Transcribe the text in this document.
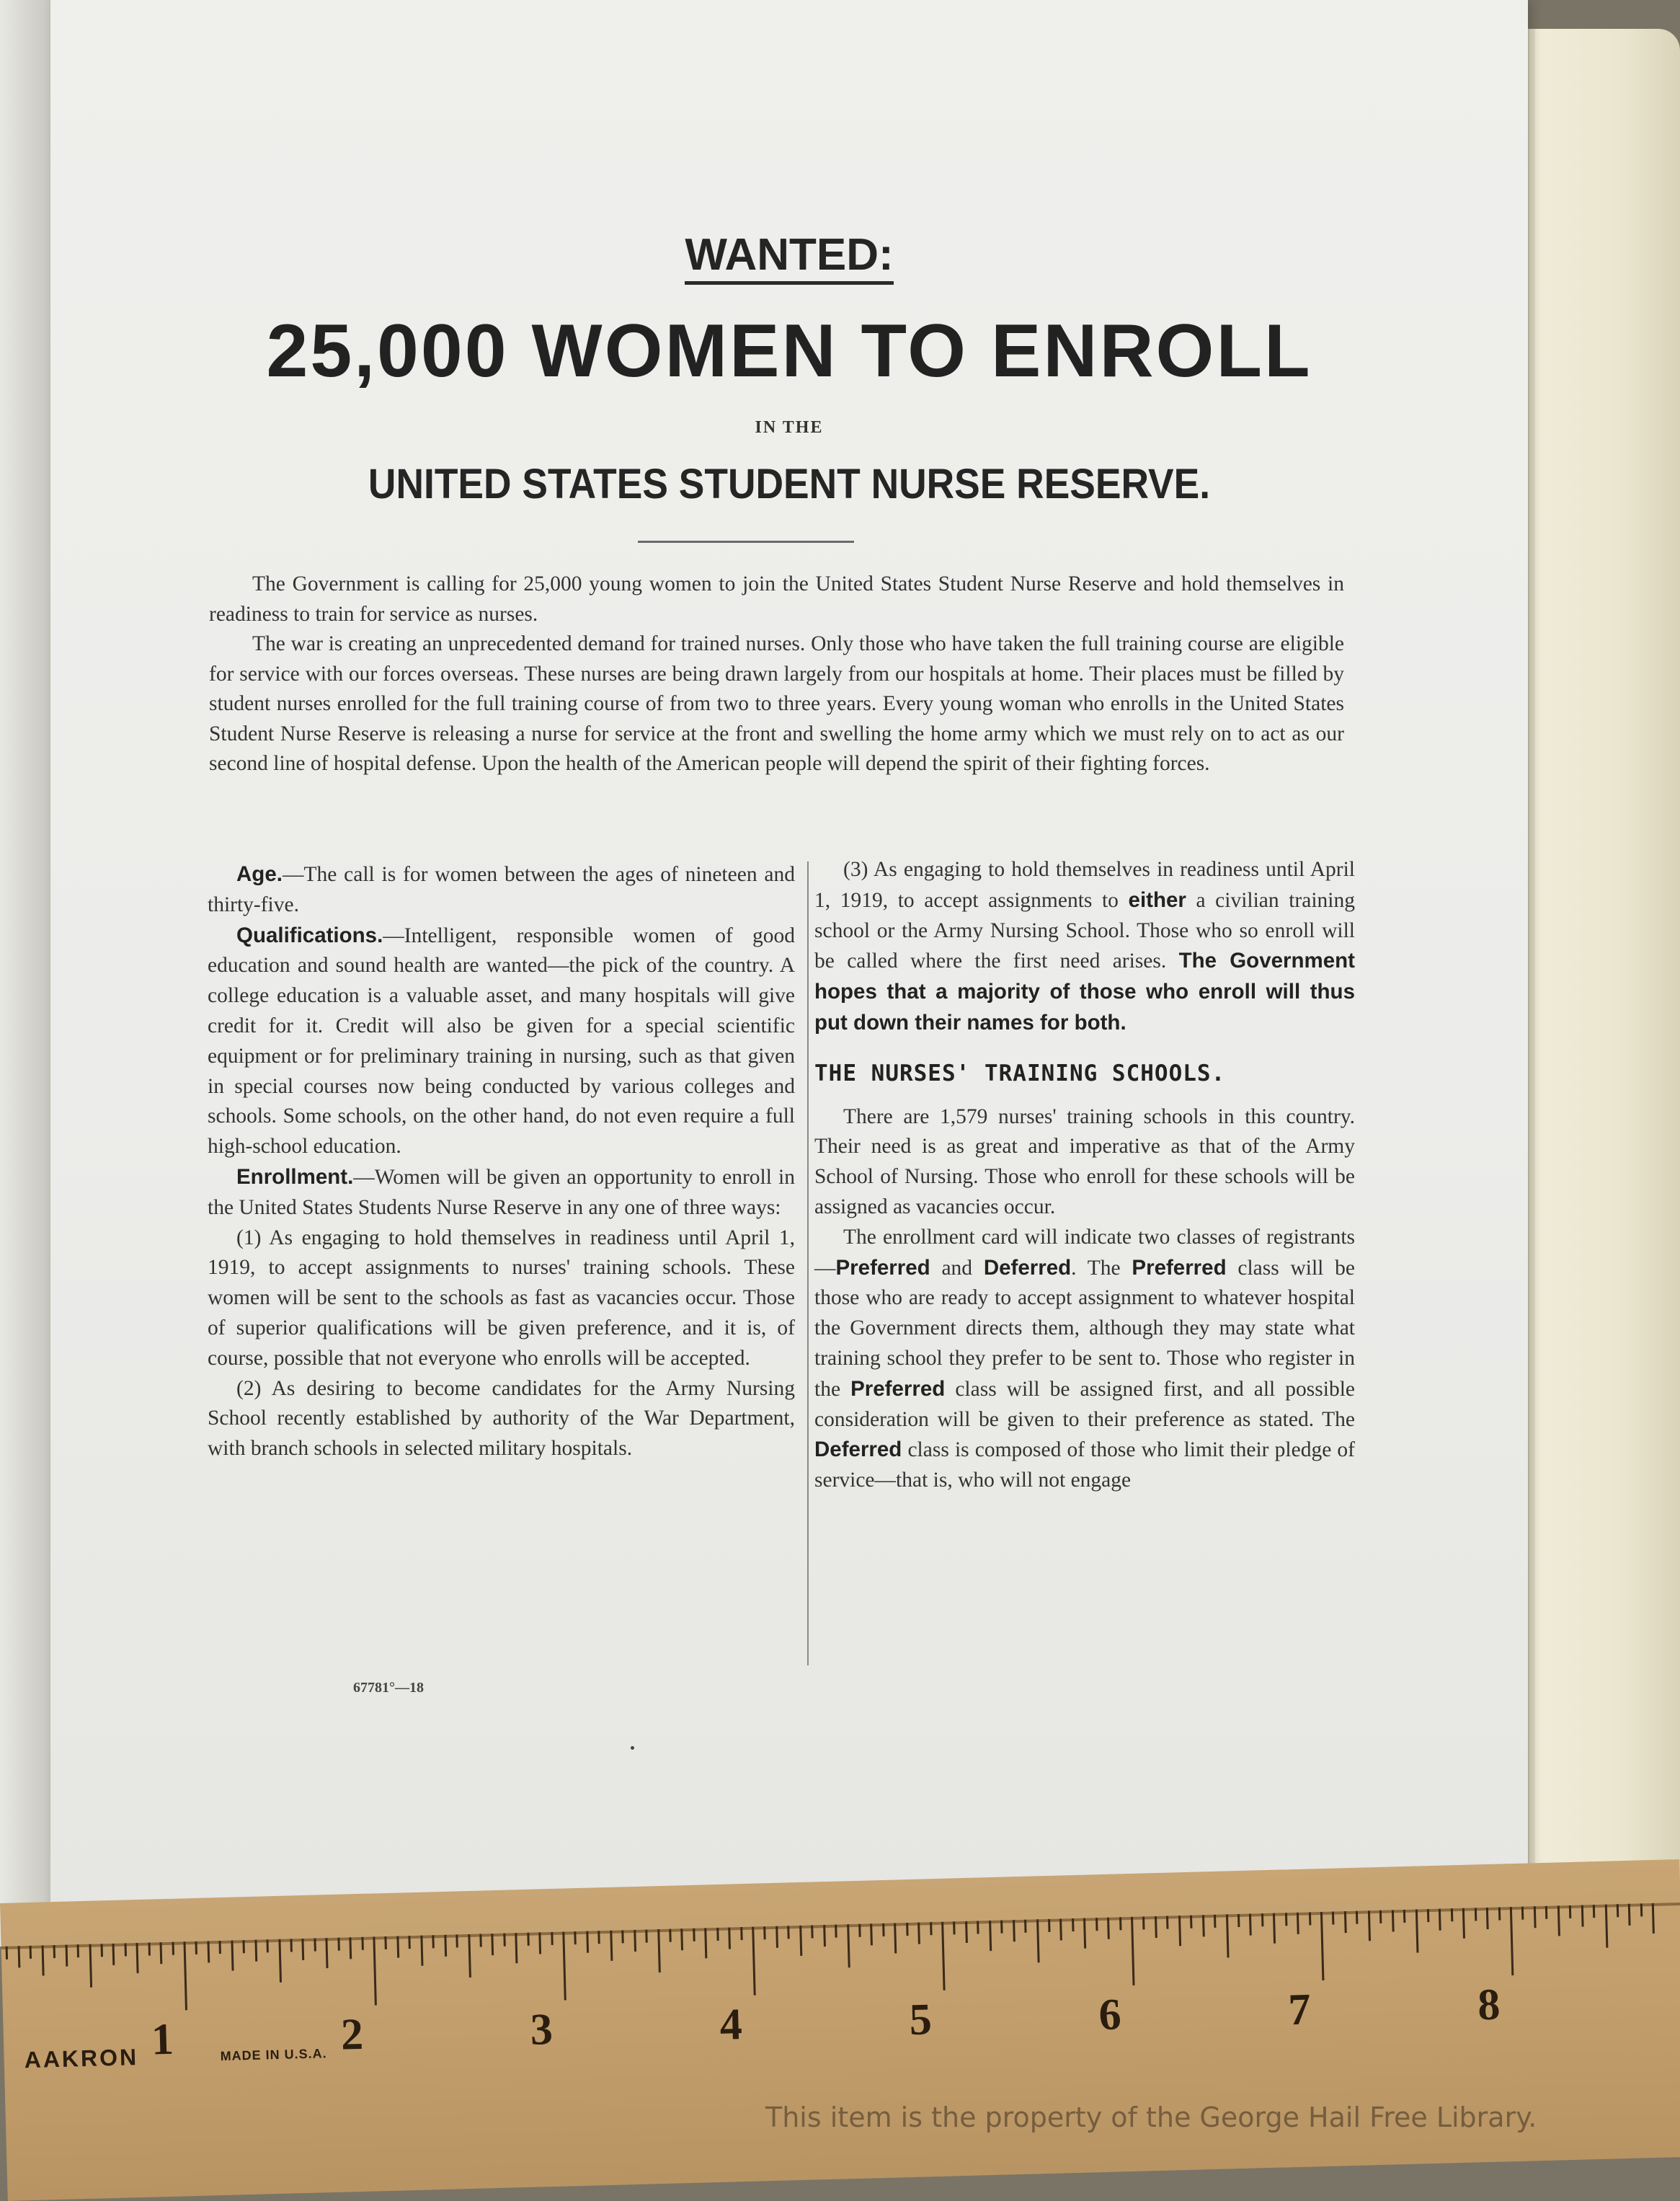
WANTED:
25,000 WOMEN TO ENROLL
IN THE
UNITED STATES STUDENT NURSE RESERVE.

The Government is calling for 25,000 young women to join the United States Student Nurse Reserve and hold themselves in readiness to train for service as nurses.

The war is creating an unprecedented demand for trained nurses. Only those who have taken the full training course are eligible for service with our forces overseas. These nurses are being drawn largely from our hospitals at home. Their places must be filled by student nurses enrolled for the full training course of from two to three years. Every young woman who enrolls in the United States Student Nurse Reserve is releasing a nurse for service at the front and swelling the home army which we must rely on to act as our second line of hospital defense. Upon the health of the American people will depend the spirit of their fighting forces.

Age.—The call is for women between the ages of nineteen and thirty-five.

Qualifications.—Intelligent, responsible women of good education and sound health are wanted—the pick of the country. A college education is a valuable asset, and many hospitals will give credit for it. Credit will also be given for a special scientific equipment or for preliminary training in nursing, such as that given in special courses now being conducted by various colleges and schools. Some schools, on the other hand, do not even require a full high-school education.

Enrollment.—Women will be given an opportunity to enroll in the United States Students Nurse Reserve in any one of three ways:

(1) As engaging to hold themselves in readiness until April 1, 1919, to accept assignments to nurses' training schools. These women will be sent to the schools as fast as vacancies occur. Those of superior qualifications will be given preference, and it is, of course, possible that not everyone who enrolls will be accepted.

(2) As desiring to become candidates for the Army Nursing School recently established by authority of the War Department, with branch schools in selected military hospitals.

(3) As engaging to hold themselves in readiness until April 1, 1919, to accept assignments to either a civilian training school or the Army Nursing School. Those who so enroll will be called where the first need arises. The Government hopes that a majority of those who enroll will thus put down their names for both.

THE NURSES' TRAINING SCHOOLS.

There are 1,579 nurses' training schools in this country. Their need is as great and imperative as that of the Army School of Nursing. Those who enroll for these schools will be assigned as vacancies occur.

The enrollment card will indicate two classes of registrants—Preferred and Deferred. The Preferred class will be those who are ready to accept assignment to whatever hospital the Government directs them, although they may state what training school they prefer to be sent to. Those who register in the Preferred class will be assigned first, and all possible consideration will be given to their preference as stated. The Deferred class is composed of those who limit their pledge of service—that is, who will not engage

67781°—18
AAKRON	MADE IN U.S.A.
1	2	3	4	5	6	7	8
This item is the property of the George Hail Free Library.
